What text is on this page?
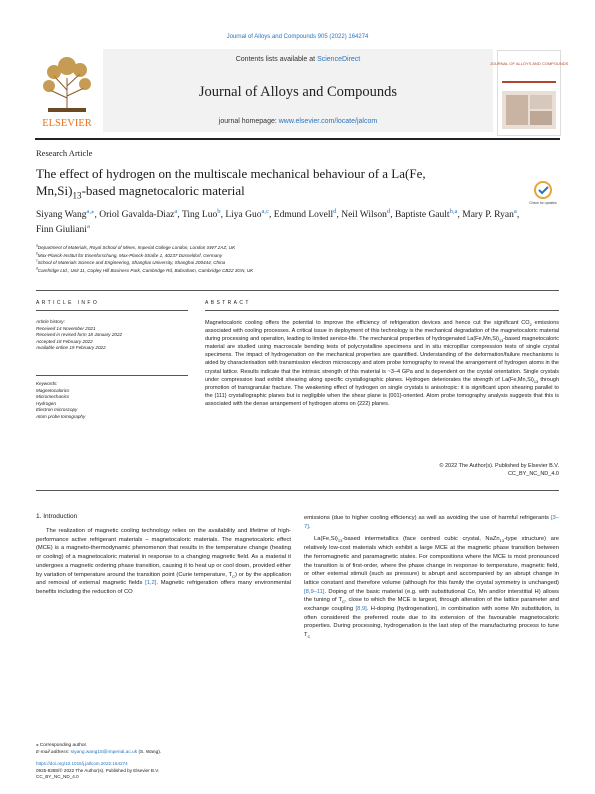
Journal of Alloys and Compounds 905 (2022) 164274
Contents lists available at ScienceDirect
Journal of Alloys and Compounds
journal homepage: www.elsevier.com/locate/jalcom
ELSEVIER
JOURNAL OF ALLOYS AND COMPOUNDS
Research Article
The effect of hydrogen on the multiscale mechanical behaviour of a La(Fe,
$Mn,Si)_{13}$-based magnetocaloric material
Check for updates
Siyang Wang$^{a,⁎}$, Oriol Gavalda-Diaz$^a$, Ting Luo$^b$, Liya Guo$^{a,c}$, Edmund Lovell$^d$, Neil Wilson$^d$, Baptiste Gault$^{b,a}$, Mary P. Ryan$^a$, Finn Giuliani$^a$
$^a$Department of Materials, Royal School of Mines, Imperial College London, London SW7 2AZ, UK
$^b$Max-Planck-Institut für Eisenforschung, Max-Planck-Straße 1, 40237 Düsseldorf, Germany
$^c$School of Materials Science and Engineering, Shanghai University, Shanghai 200444, China
$^d$Camfridge Ltd., Unit 11, Copley Hill Business Park, Cambridge Rd, Babraham, Cambridge CB22 3GN, UK
ARTICLE INFO	ABSTRACT
Article history:
Received 14 November 2021
Received in revised form 18 January 2022
Accepted 18 February 2022
Available online 19 February 2022
Keywords:
Magnetocalorics
Micromechanics
Hydrogen
Electron microscopy
Atom probe tomography
Magnetocaloric cooling offers the potential to improve the efficiency of refrigeration devices and hence cut the significant $CO_2$ emissions associated with cooling processes. A critical issue in deployment of this technology is the mechanical degradation of the magnetocaloric material during processing and operation, leading to limited service-life. The mechanical properties of hydrogenated $La(Fe,Mn,Si)_{13}$-based magnetocaloric material are studied using macroscale bending tests of polycrystalline specimens and in situ micropillar compression tests of single crystal specimens. The impact of hydrogenation on the mechanical properties are quantified. Understanding of the deformation/failure mechanisms is aided by characterisation with transmission electron microscopy and atom probe tomography to reveal the arrangement of hydrogen atoms in the crystal lattice. Results indicate that the intrinsic strength of this material is ~3–4 GPa and is dependent on the crystal orientation. Single crystals under compression load exhibit shearing along specific crystallographic planes. Hydrogen deteriorates the strength of $La(Fe,Mn,Si)_{13}$ through promotion of transgranular fracture. The weakening effect of hydrogen on single crystals is anisotropic: it is significant upon shearing parallel to the {111} crystallographic planes but is negligible when the shear plane is {001}-oriented. Atom probe tomography analysis suggests that this is associated with the dense arrangement of hydrogen atoms on {222} planes.
© 2022 The Author(s). Published by Elsevier B.V.
CC_BY_NC_ND_4.0
1. Introduction
The realization of magnetic cooling technology relies on the availability and lifetime of high-performance active refrigerant materials – magnetocaloric materials. The magnetocaloric effect (MCE) is a magneto-thermodynamic phenomenon that results in the temperature change (heating or cooling) of a magnetocaloric material in response to a changing magnetic field. As a material it undergoes a magnetic ordering phase transition, causing it to heat up or cool down, provided either by variation of temperature around the transition point (Curie temperature, $T_C$) or by the application and removal of external magnetic fields [1,2]. Magnetic refrigeration offers many environmental benefits including the reduction of CO

emissions (due to higher cooling efficiency) as well as avoiding the use of harmful refrigerants [3–7].

$La(Fe,Si)_{13}$-based intermetallics (face centred cubic crystal, NaZn$_{13}$-type structure) are relatively low-cost materials which exhibit a large MCE at the magnetic phase transition between the ferromagnetic and paramagnetic states. For compositions where the MCE is most pronounced the transition is of first-order, where the phase change in response to temperature, magnetic field, or other external stimuli (such as pressure) is abrupt and accompanied by an abrupt change in lattice constant and therefore volume (although for this family the crystal symmetry is unchanged) [8,9–11]. Doping of the basic material (e.g. with substitutional Co, Mn and/or interstitial H) allows the tuning of $T_C$, close to which the MCE is largest, through alteration of the lattice parameter and exchange coupling [8,9]. H-doping (hydrogenation), in combination with some Mn substitution, is often considered the preferred route due to its extension of the favourable magnetocaloric properties. During processing, hydrogenation is the last step of the manufacturing process to tune $T_C$

⁎ Corresponding author.
E-mail address: siyang.wang15@imperial.ac.uk (S. Wang).
https://doi.org/10.1016/j.jallcom.2022.164274
0925-8388/© 2022 The Author(s). Published by Elsevier B.V.
CC_BY_NC_ND_4.0
